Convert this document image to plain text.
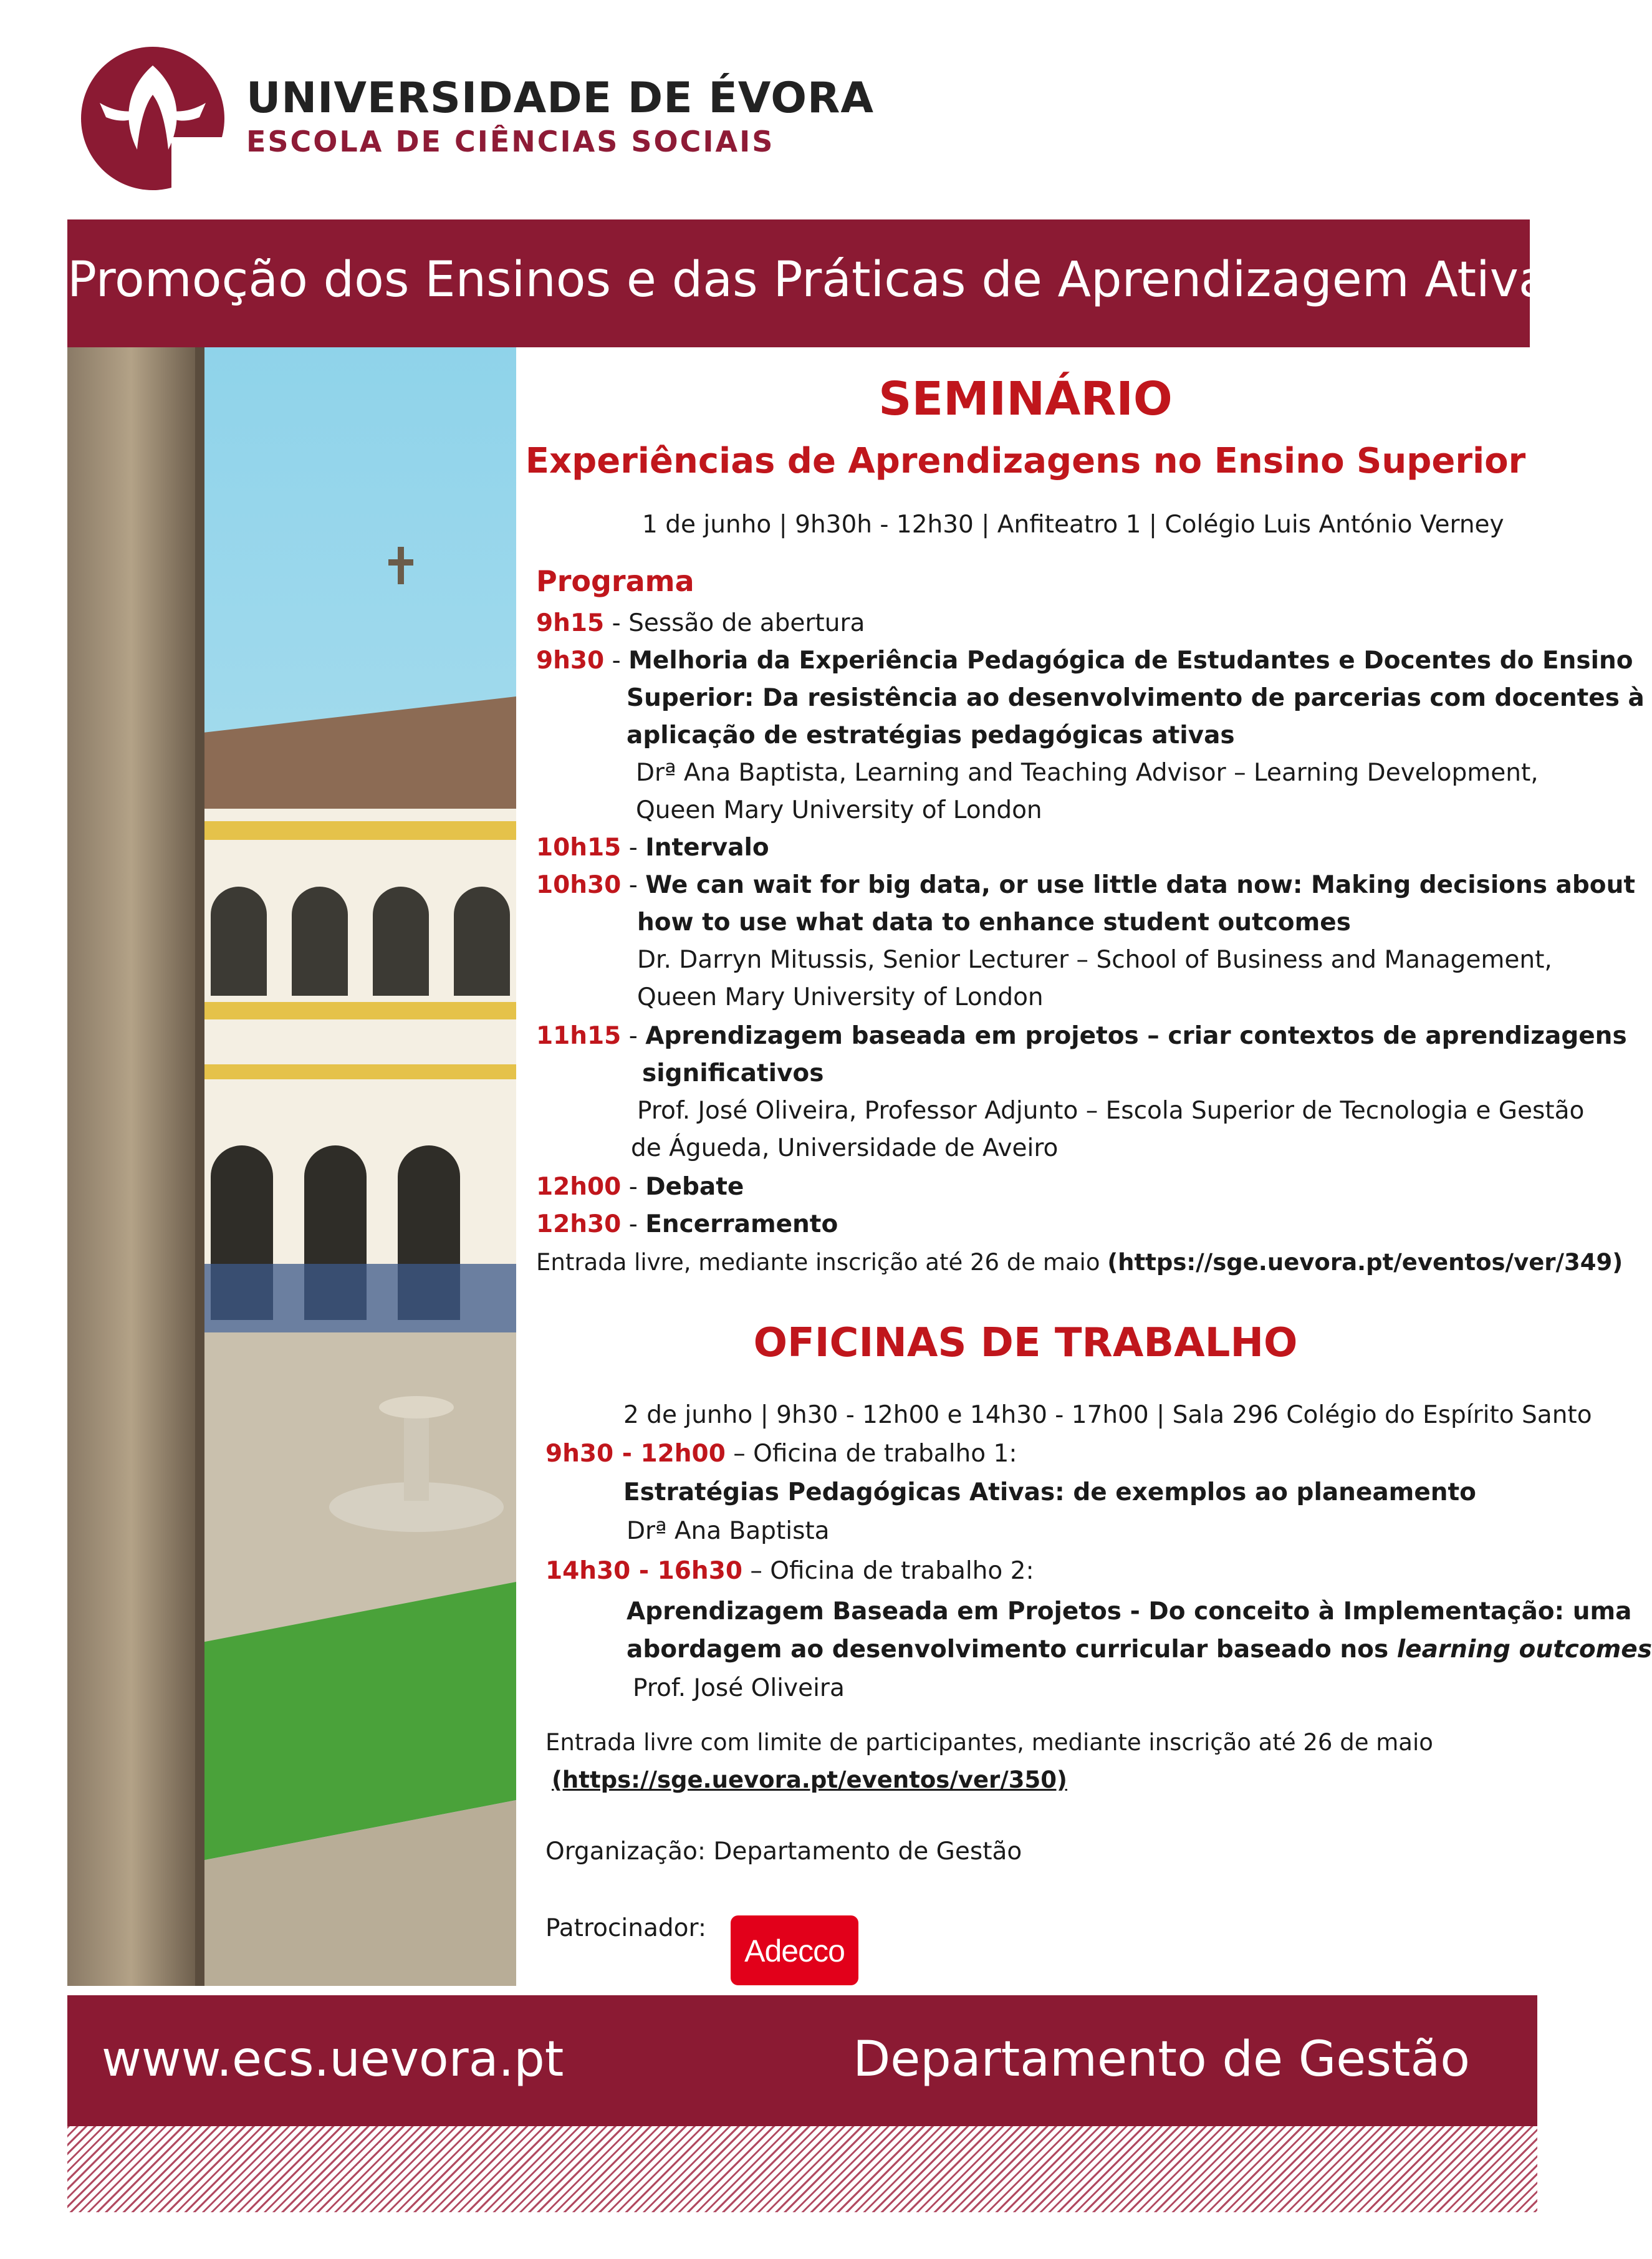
UNIVERSIDADE DE ÉVORA
ESCOLA DE CIÊNCIAS SOCIAIS
Promoção dos Ensinos e das Práticas de Aprendizagem Ativas
SEMINÁRIO
Experiências de Aprendizagens no Ensino Superior
1 de junho | 9h30h - 12h30 | Anfiteatro 1 | Colégio Luis António Verney
Programa
9h15 - Sessão de abertura
9h30 - Melhoria da Experiência Pedagógica de Estudantes e Docentes do Ensino
Superior: Da resistência ao desenvolvimento de parcerias com docentes à
aplicação de estratégias pedagógicas ativas
Drª Ana Baptista, Learning and Teaching Advisor – Learning Development,
Queen Mary University of London
10h15 - Intervalo
10h30 - We can wait for big data, or use little data now: Making decisions about
how to use what data to enhance student outcomes
Dr. Darryn Mitussis, Senior Lecturer – School of Business and Management,
Queen Mary University of London
11h15 - Aprendizagem baseada em projetos – criar contextos de aprendizagens
significativos
Prof. José Oliveira, Professor Adjunto – Escola Superior de Tecnologia e Gestão
de Águeda, Universidade de Aveiro
12h00 - Debate
12h30 - Encerramento
Entrada livre, mediante inscrição até 26 de maio (https://sge.uevora.pt/eventos/ver/349)
OFICINAS DE TRABALHO
2 de junho | 9h30 - 12h00 e 14h30 - 17h00 | Sala 296 Colégio do Espírito Santo
9h30 - 12h00 – Oficina de trabalho 1:
Estratégias Pedagógicas Ativas: de exemplos ao planeamento
Drª Ana Baptista
14h30 - 16h30 – Oficina de trabalho 2:
Aprendizagem Baseada em Projetos - Do conceito à Implementação: uma
abordagem ao desenvolvimento curricular baseado nos learning outcomes
Prof. José Oliveira
Entrada livre com limite de participantes, mediante inscrição até 26 de maio
(https://sge.uevora.pt/eventos/ver/350)
Organização: Departamento de Gestão
Patrocinador:
Adecco
www.ecs.uevora.pt	Departamento de Gestão
